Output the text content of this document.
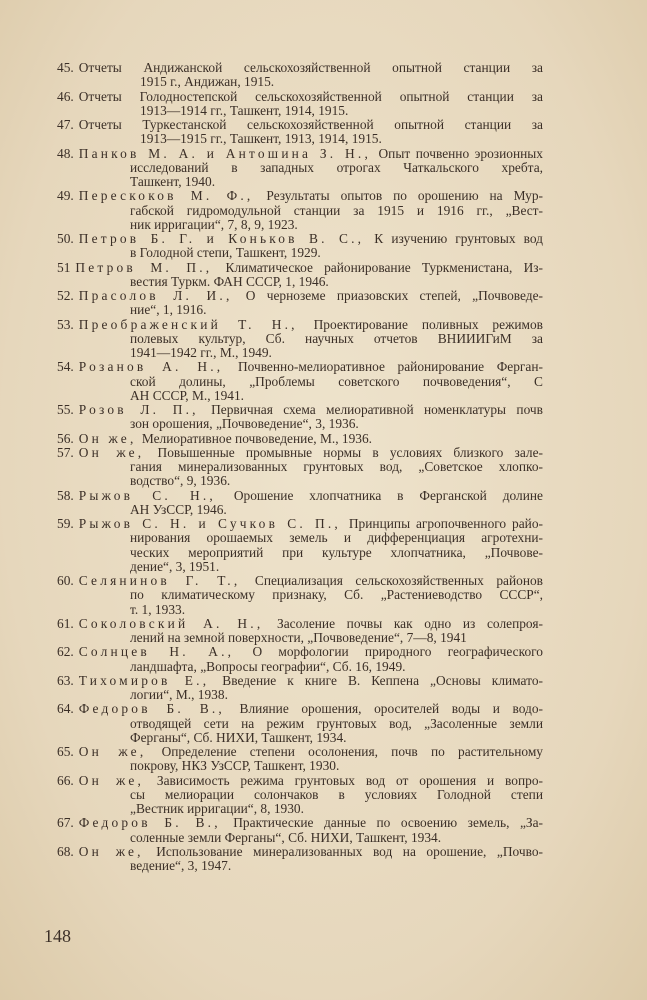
45. Отчеты Андижанской сельскохозяйственной опытной станции за
1915 г., Андижан, 1915.
46. Отчеты Голодностепской сельскохозяйственной опытной станции за
1913—1914 гг., Ташкент, 1914, 1915.
47. Отчеты Туркестанской сельскохозяйственной опытной станции за
1913—1915 гг., Ташкент, 1913, 1914, 1915.
48. Панков М. А. и Антошина З. Н., Опыт почвенно эрозионных
исследований в западных отрогах Чаткальского хребта,
Ташкент, 1940.
49. Перескоков М. Ф., Результаты опытов по орошению на Мур-
габской гидромодульной станции за 1915 и 1916 гг., „Вест-
ник ирригации“, 7, 8, 9, 1923.
50. Петров Б. Г. и Коньков В. С., К изучению грунтовых вод
в Голодной степи, Ташкент, 1929.
51 Петров М. П., Климатическое районирование Туркменистана, Из-
вестия Туркм. ФАН СССР, 1, 1946.
52. Прасолов Л. И., О черноземе приазовских степей, „Почвоведе-
ние“, 1, 1916.
53. Преображенский Т. Н., Проектирование поливных режимов
полевых культур, Сб. научных отчетов ВНИИИГиМ за
1941—1942 гг., М., 1949.
54. Розанов А. Н., Почвенно-мелиоративное районирование Ферган-
ской долины, „Проблемы советского почвоведения“, С
АН СССР, М., 1941.
55. Розов Л. П., Первичная схема мелиоративной номенклатуры почв
зон орошения, „Почвоведение“, 3, 1936.
56. Он же, Мелиоративное почвоведение, М., 1936.
57. Он же, Повышенные промывные нормы в условиях близкого зале-
гания минерализованных грунтовых вод, „Советское хлопко-
водство“, 9, 1936.
58. Рыжов С. Н., Орошение хлопчатника в Ферганской долине
АН УзССР, 1946.
59. Рыжов С. Н. и Сучков С. П., Принципы агропочвенного райо-
нирования орошаемых земель и дифференциация агротехни-
ческих мероприятий при культуре хлопчатника, „Почвове-
дение“, 3, 1951.
60. Селянинов Г. Т., Специализация сельскохозяйственных районов
по климатическому признаку, Сб. „Растениеводство СССР“,
т. 1, 1933.
61. Соколовский А. Н., Засоление почвы как одно из солепроя-
лений на земной поверхности, „Почвоведение“, 7—8, 1941
62. Солнцев Н. А., О морфологии природного географического
ландшафта, „Вопросы географии“, Сб. 16, 1949.
63. Тихомиров Е., Введение к книге В. Кеппена „Основы климато-
логии“, М., 1938.
64. Федоров Б. В., Влияние орошения, оросителей воды и водо-
отводящей сети на режим грунтовых вод, „Засоленные земли
Ферганы“, Сб. НИХИ, Ташкент, 1934.
65. Он же, Определение степени осолонения, почв по растительному
покрову, НКЗ УзССР, Ташкент, 1930.
66. Он же, Зависимость режима грунтовых вод от орошения и вопро-
сы мелиорации солончаков в условиях Голодной степи
„Вестник ирригации“, 8, 1930.
67. Федоров Б. В., Практические данные по освоению земель, „За-
соленные земли Ферганы“, Сб. НИХИ, Ташкент, 1934.
68. Он же, Использование минерализованных вод на орошение, „Почво-
ведение“, 3, 1947.
148
